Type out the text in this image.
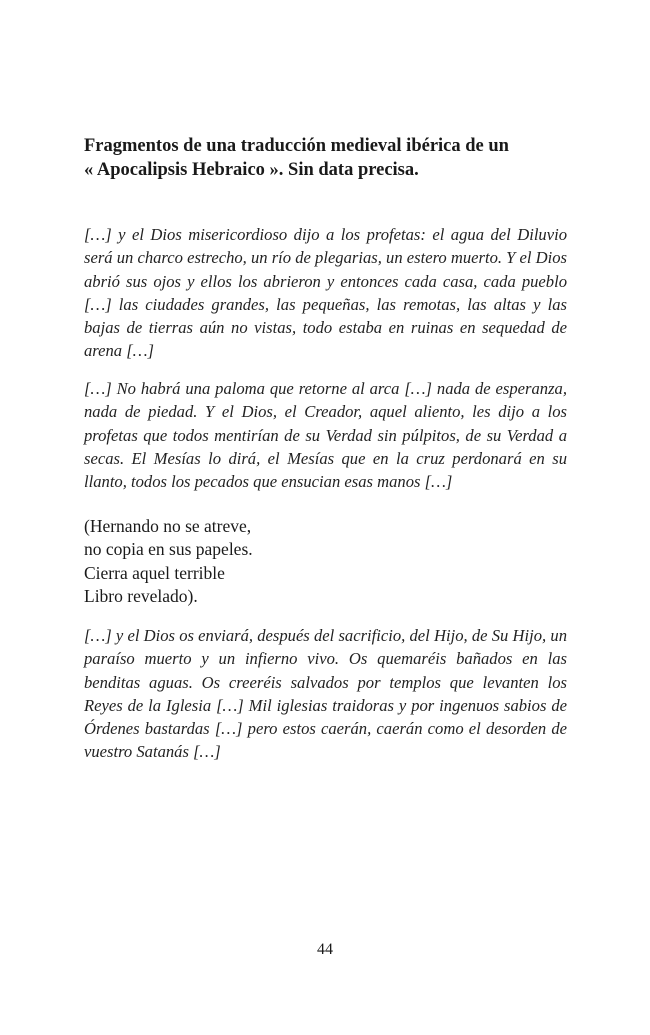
Fragmentos de una traducción medieval ibérica de un
« Apocalipsis Hebraico ». Sin data precisa.

[…] y el Dios misericordioso dijo a los profetas: el agua del Diluvio será un charco estrecho, un río de plegarias, un estero muerto. Y el Dios abrió sus ojos y ellos los abrieron y entonces cada casa, cada pueblo […] las ciudades grandes, las pequeñas, las remotas, las altas y las bajas de tierras aún no vistas, todo estaba en ruinas en sequedad de arena […]

[…] No habrá una paloma que retorne al arca […] nada de esperanza, nada de piedad. Y el Dios, el Creador, aquel aliento, les dijo a los profetas que todos mentirían de su Verdad sin púlpitos, de su Verdad a secas. El Mesías lo dirá, el Mesías que en la cruz perdonará en su llanto, todos los pecados que ensucian esas manos […]

(Hernando no se atreve,
no copia en sus papeles.
Cierra aquel terrible
Libro revelado).

[…] y el Dios os enviará, después del sacrificio, del Hijo, de Su Hijo, un paraíso muerto y un infierno vivo. Os quemaréis bañados en las benditas aguas. Os creeréis salvados por templos que levanten los Reyes de la Iglesia […] Mil iglesias traidoras y por ingenuos sabios de Órdenes bastardas […] pero estos caerán, caerán como el desorden de vuestro Satanás […]

44
